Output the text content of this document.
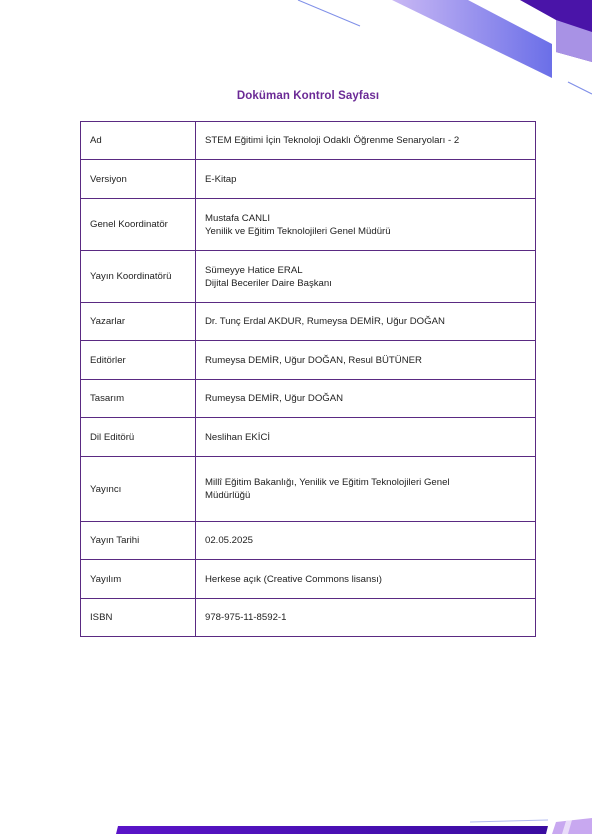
Doküman Kontrol Sayfası
Ad	STEM Eğitimi İçin Teknoloji Odaklı Öğrenme Senaryoları - 2

Versiyon	E-Kitap

Genel Koordinatör	Mustafa CANLI
Yenilik ve Eğitim Teknolojileri Genel Müdürü

Yayın Koordinatörü	Sümeyye Hatice ERAL
Dijital Beceriler Daire Başkanı

Yazarlar	Dr. Tunç Erdal AKDUR, Rumeysa DEMİR, Uğur DOĞAN

Editörler	Rumeysa DEMİR, Uğur DOĞAN, Resul BÜTÜNER

Tasarım	Rumeysa DEMİR, Uğur DOĞAN

Dil Editörü	Neslihan EKİCİ

Yayıncı	Millî Eğitim Bakanlığı, Yenilik ve Eğitim Teknolojileri Genel
Müdürlüğü

Yayın Tarihi	02.05.2025

Yayılım	Herkese açık (Creative Commons lisansı)

ISBN	978-975-11-8592-1
